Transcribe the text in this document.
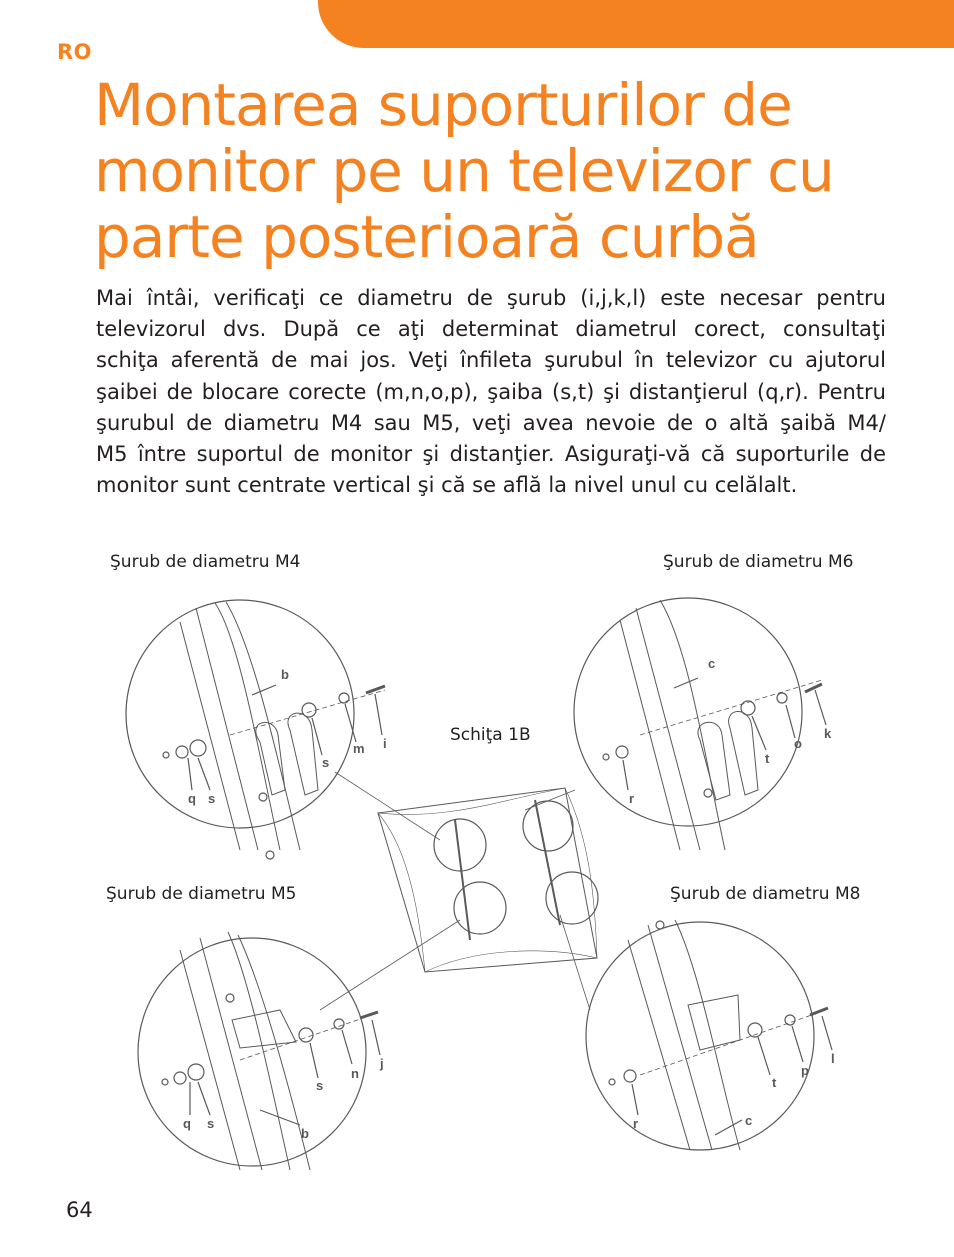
RO
Montarea suporturilor de
monitor pe un televizor cu
parte posterioară curbă
Mai întâi, verificaţi ce diametru de şurub (i,j,k,l) este necesar pentru
televizorul dvs. După ce aţi determinat diametrul corect, consultaţi
schiţa aferentă de mai jos. Veţi înfileta şurubul în televizor cu ajutorul
şaibei de blocare corecte (m,n,o,p), şaiba (s,t) şi distanţierul (q,r). Pentru
şurubul de diametru M4 sau M5, veţi avea nevoie de o altă şaibă M4/
M5 între suportul de monitor şi distanţier. Asiguraţi-vă că suporturile de
monitor sunt centrate vertical şi că se află la nivel unul cu celălalt.
Şurub de diametru M4	Şurub de diametru M6
Şurub de diametru M5	Şurub de diametru M8
Schiţa 1B
b
s
m i
q s
c
t
o
k
r
b
s
n
j
q s	c
t
p
l
r
64
